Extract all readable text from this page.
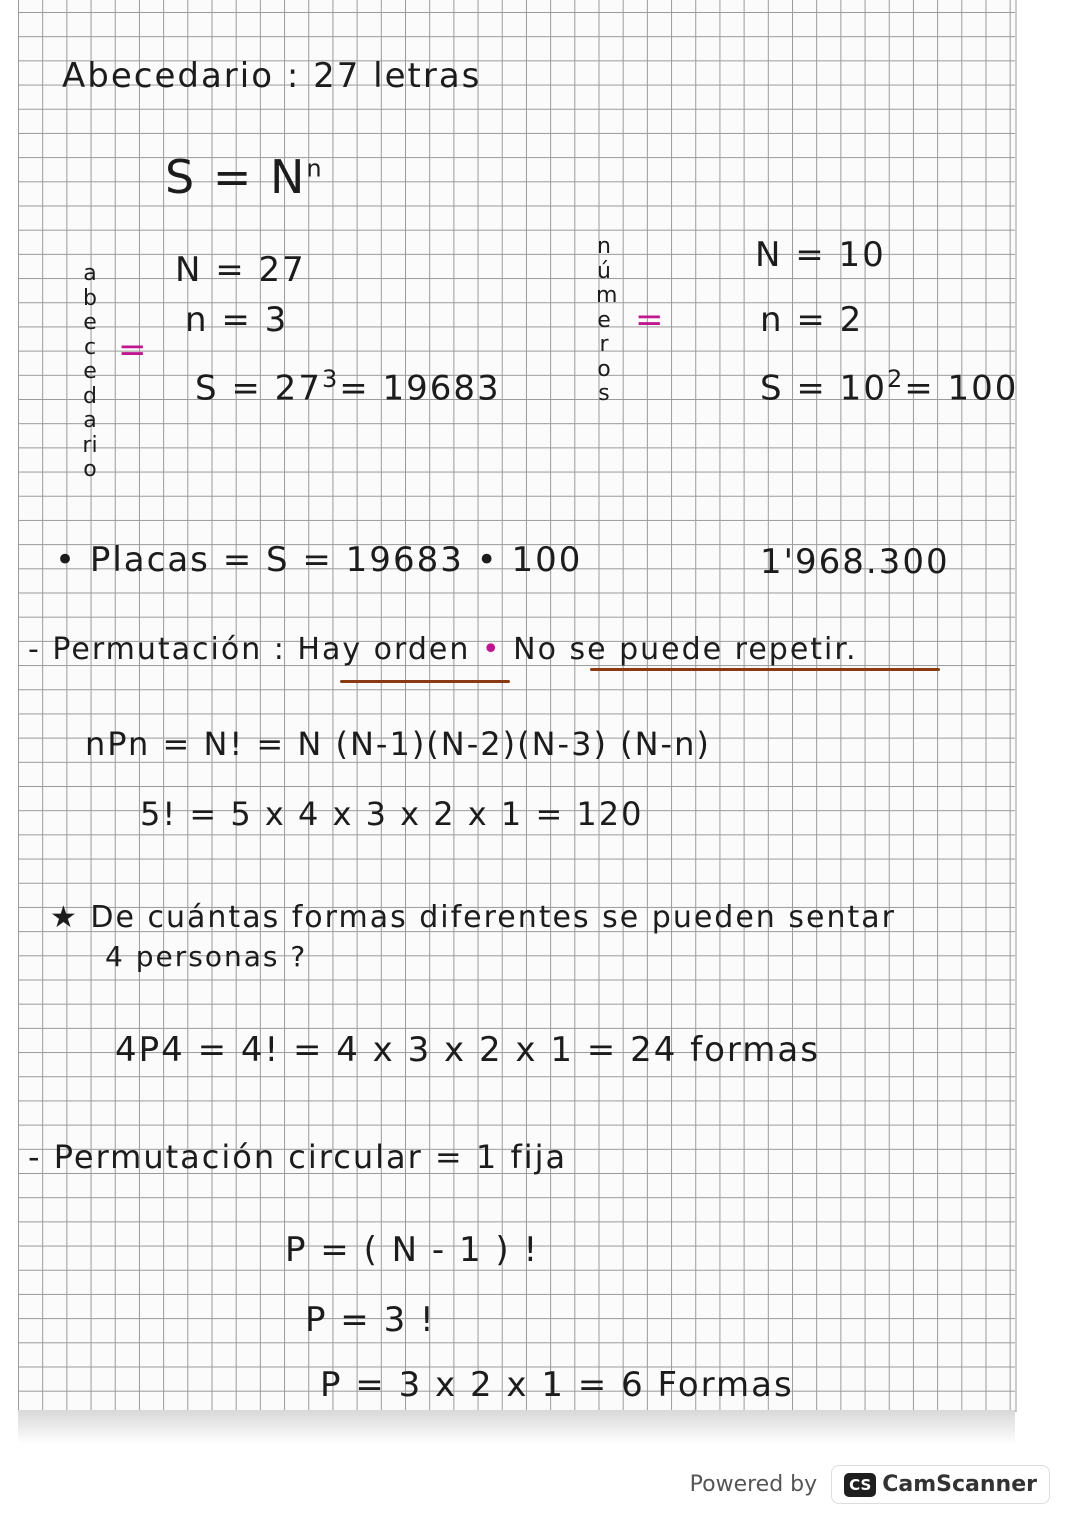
Abecedario : 27 letras
$S = N^n$
abecedario
=
N = 27
n = 3
$S = 27^3= 19683$
números
=
N = 10
n = 2
$S = 10^2= 100$
• Placas = S = 19683 • 100	1'968.300
- Permutación : Hay orden • No se puede repetir.
nPn = N! = N (N-1)(N-2)(N-3) (N-n)
5! = 5 x 4 x 3 x 2 x 1 = 120
★ De cuántas formas diferentes se pueden sentar
4 personas ?
4P4 = 4! = 4 x 3 x 2 x 1 = 24 formas
- Permutación circular = 1 fija
P = ( N - 1 ) !
P = 3 !
P = 3 x 2 x 1 = 6 Formas
Powered by	CS CamScanner
